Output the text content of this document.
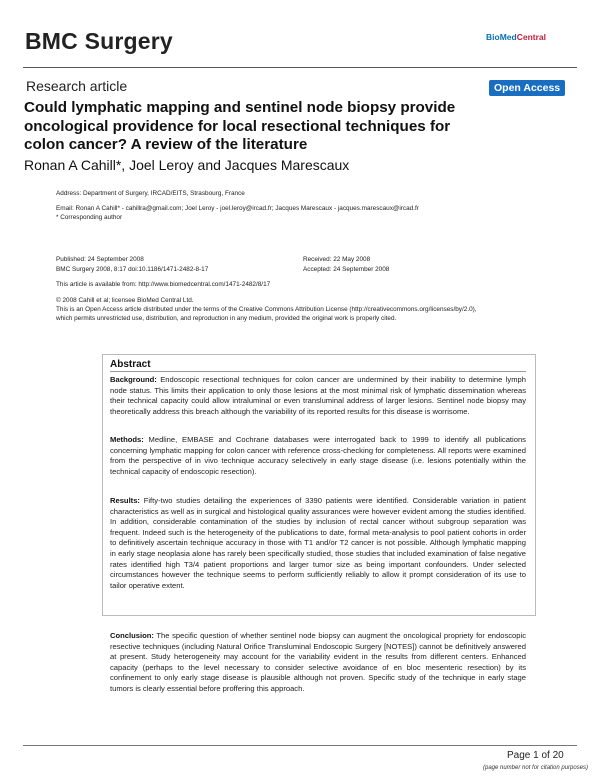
BMC Surgery	BioMedCentral
Research article	Open Access
Could lymphatic mapping and sentinel node biopsy provide oncological providence for local resectional techniques for colon cancer? A review of the literature
Ronan A Cahill*, Joel Leroy and Jacques Marescaux
Address: Department of Surgery, IRCAD/EITS, Strasbourg, France
Email: Ronan A Cahill* - cahillra@gmail.com; Joel Leroy - joel.leroy@ircad.fr; Jacques Marescaux - jacques.marescaux@ircad.fr
* Corresponding author
Published: 24 September 2008
BMC Surgery 2008, 8:17 doi:10.1186/1471-2482-8-17
Received: 22 May 2008
Accepted: 24 September 2008
This article is available from: http://www.biomedcentral.com/1471-2482/8/17
© 2008 Cahill et al; licensee BioMed Central Ltd.
This is an Open Access article distributed under the terms of the Creative Commons Attribution License (http://creativecommons.org/licenses/by/2.0),
which permits unrestricted use, distribution, and reproduction in any medium, provided the original work is properly cited.
Abstract
Background: Endoscopic resectional techniques for colon cancer are undermined by their inability to determine lymph node status. This limits their application to only those lesions at the most minimal risk of lymphatic dissemination whereas their technical capacity could allow intraluminal or even transluminal address of larger lesions. Sentinel node biopsy may theoretically address this breach although the variability of its reported results for this disease is worrisome.
Methods: Medline, EMBASE and Cochrane databases were interrogated back to 1999 to identify all publications concerning lymphatic mapping for colon cancer with reference cross-checking for completeness. All reports were examined from the perspective of in vivo technique accuracy selectively in early stage disease (i.e. lesions potentially within the technical capacity of endoscopic resection).
Results: Fifty-two studies detailing the experiences of 3390 patients were identified. Considerable variation in patient characteristics as well as in surgical and histological quality assurances were however evident among the studies identified. In addition, considerable contamination of the studies by inclusion of rectal cancer without subgroup separation was frequent. Indeed such is the heterogeneity of the publications to date, formal meta-analysis to pool patient cohorts in order to definitively ascertain technique accuracy in those with T1 and/or T2 cancer is not possible. Although lymphatic mapping in early stage neoplasia alone has rarely been specifically studied, those studies that included examination of false negative rates identified high T3/4 patient proportions and larger tumor size as being important confounders. Under selected circumstances however the technique seems to perform sufficiently reliably to allow it prompt consideration of its use to tailor operative extent.
Conclusion: The specific question of whether sentinel node biopsy can augment the oncological propriety for endoscopic resective techniques (including Natural Orifice Transluminal Endoscopic Surgery [NOTES]) cannot be definitively answered at present. Study heterogeneity may account for the variability evident in the results from different centers. Enhanced capacity (perhaps to the level necessary to consider selective avoidance of en bloc mesenteric resection) by its confinement to only early stage disease is plausible although not proven. Specific study of the technique in early stage tumors is clearly essential before proffering this approach.
Page 1 of 20
(page number not for citation purposes)
